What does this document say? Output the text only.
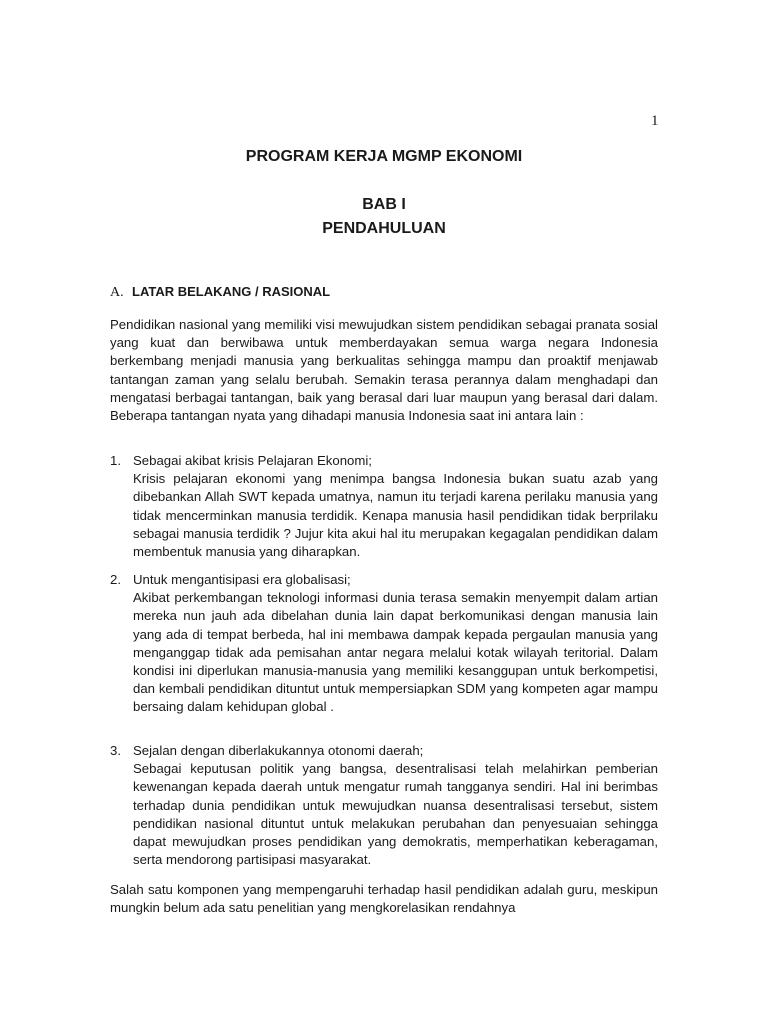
1
PROGRAM KERJA MGMP EKONOMI
BAB I
PENDAHULUAN
A. LATAR BELAKANG / RASIONAL
Pendidikan nasional yang memiliki visi mewujudkan sistem pendidikan sebagai pranata sosial yang kuat dan berwibawa untuk memberdayakan semua warga negara Indonesia berkembang menjadi manusia yang berkualitas sehingga mampu dan proaktif menjawab tantangan zaman yang selalu berubah. Semakin terasa perannya dalam menghadapi dan mengatasi berbagai tantangan, baik yang berasal dari luar maupun yang berasal dari dalam. Beberapa tantangan nyata yang dihadapi manusia Indonesia saat ini antara lain :
1. Sebagai akibat krisis Pelajaran Ekonomi;
Krisis pelajaran ekonomi yang menimpa bangsa Indonesia bukan suatu azab yang dibebankan Allah SWT kepada umatnya, namun itu terjadi karena perilaku manusia yang tidak mencerminkan manusia terdidik. Kenapa manusia hasil pendidikan tidak berprilaku sebagai manusia terdidik ? Jujur kita akui hal itu merupakan kegagalan pendidikan dalam membentuk manusia yang diharapkan.
2. Untuk mengantisipasi era globalisasi;
Akibat perkembangan teknologi informasi dunia terasa semakin menyempit dalam artian mereka nun jauh ada dibelahan dunia lain dapat berkomunikasi dengan manusia lain yang ada di tempat berbeda, hal ini membawa dampak kepada pergaulan manusia yang menganggap tidak ada pemisahan antar negara melalui kotak wilayah teritorial. Dalam kondisi ini diperlukan manusia-manusia yang memiliki kesanggupan untuk berkompetisi, dan kembali pendidikan dituntut untuk mempersiapkan SDM yang kompeten agar mampu bersaing dalam kehidupan global .
3. Sejalan dengan diberlakukannya otonomi daerah;
Sebagai keputusan politik yang bangsa, desentralisasi telah melahirkan pemberian kewenangan kepada daerah untuk mengatur rumah tangganya sendiri. Hal ini berimbas terhadap dunia pendidikan untuk mewujudkan nuansa desentralisasi tersebut, sistem pendidikan nasional dituntut untuk melakukan perubahan dan penyesuaian sehingga dapat mewujudkan proses pendidikan yang demokratis, memperhatikan keberagaman, serta mendorong partisipasi masyarakat.
Salah satu komponen yang mempengaruhi terhadap hasil pendidikan adalah guru, meskipun mungkin belum ada satu penelitian yang mengkorelasikan rendahnya
